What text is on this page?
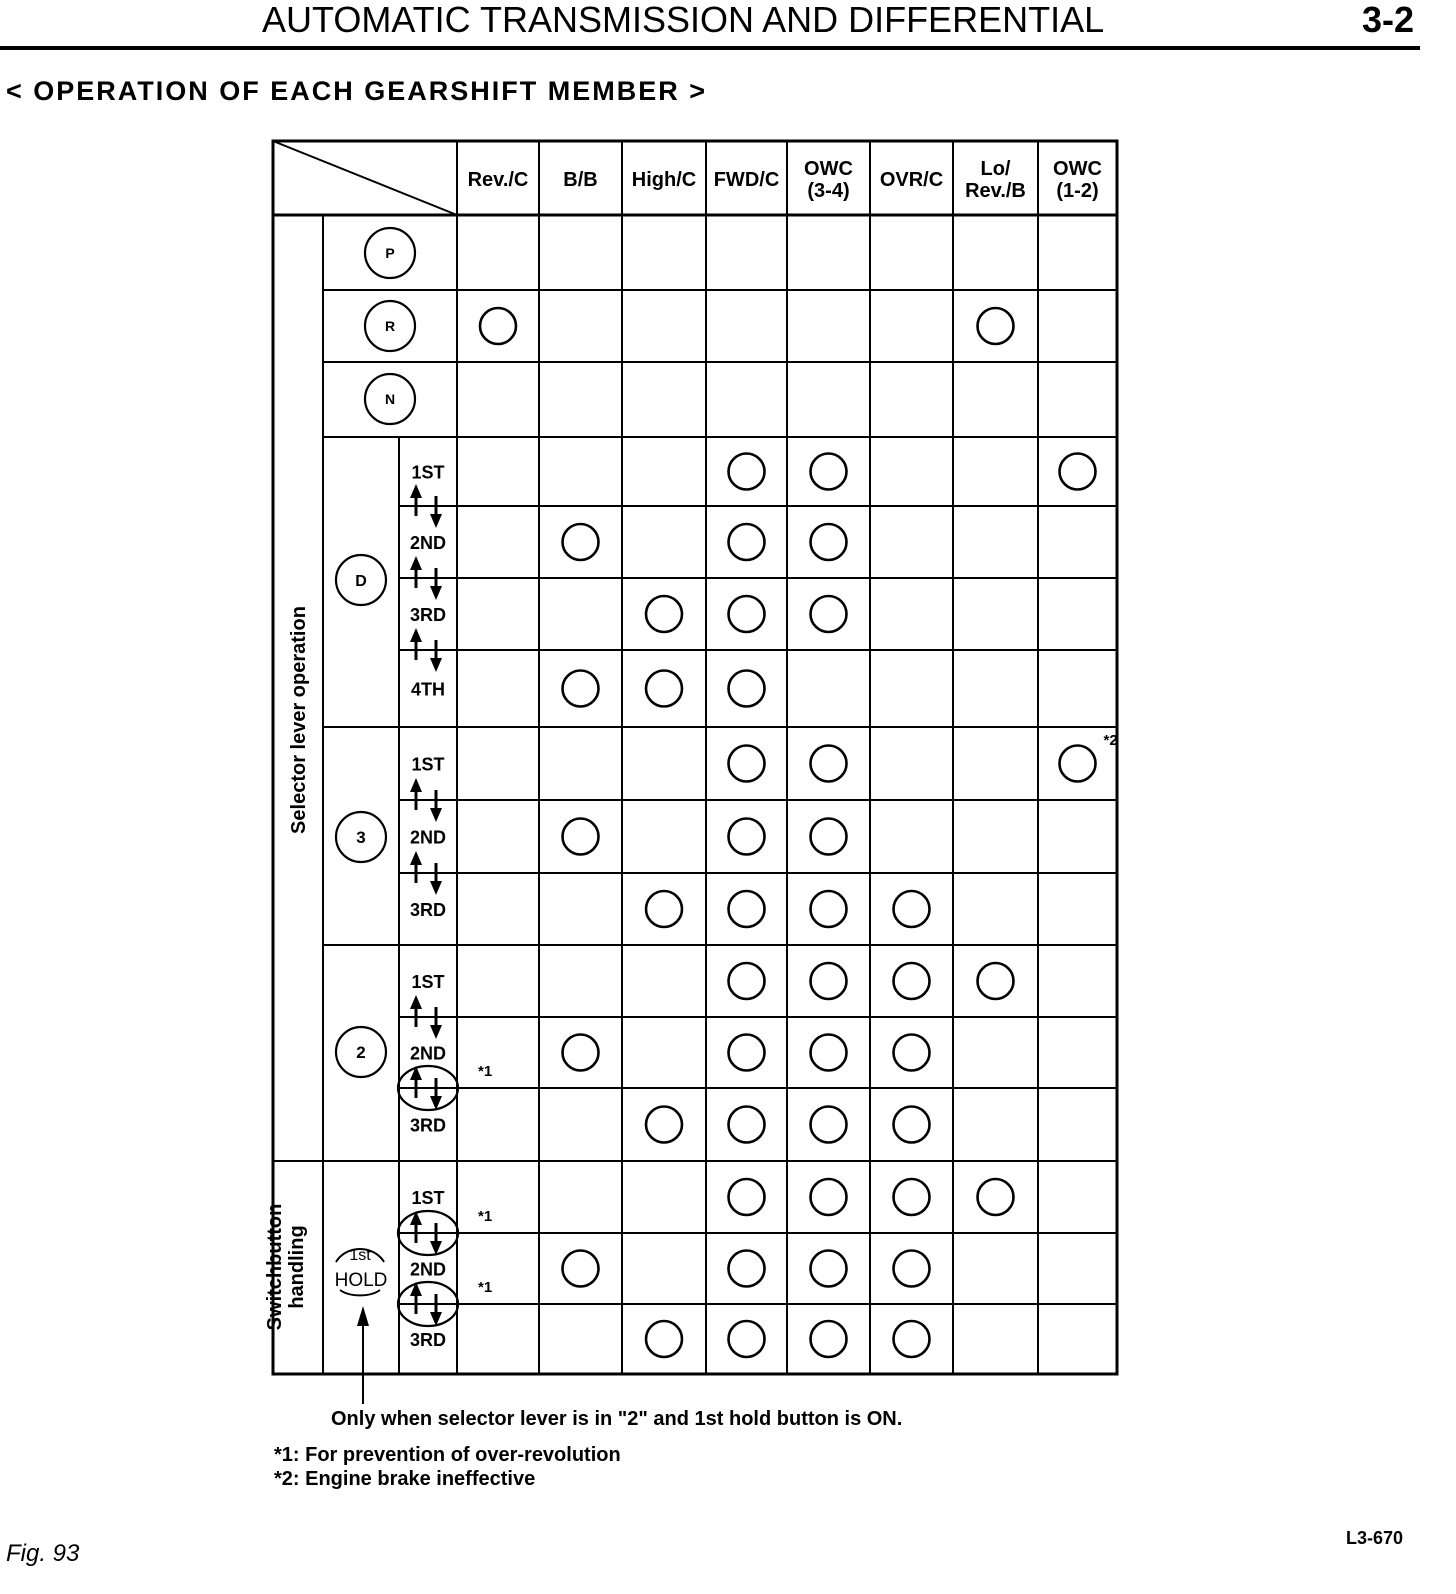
AUTOMATIC TRANSMISSION AND DIFFERENTIAL	3-2
< OPERATION OF EACH GEARSHIFT MEMBER >
Rev./C B/B High/C FWD/C OWC (3-4) OVR/C	Lo/ Rev./B
OWC (1-2)
Selector lever operation
Switchbuttonhandling
P
R
N
D
3
2
1st
HOLD
1ST
2ND
3RD
4TH
1ST
2ND
3RD
1ST
2ND
3RD
1ST
2ND
3RD
*1
*1
*1
*2
Only when selector lever is in "2" and 1st hold button is ON.
*1: For prevention of over-revolution
*2: Engine brake ineffective
Fig. 93
L3-670
